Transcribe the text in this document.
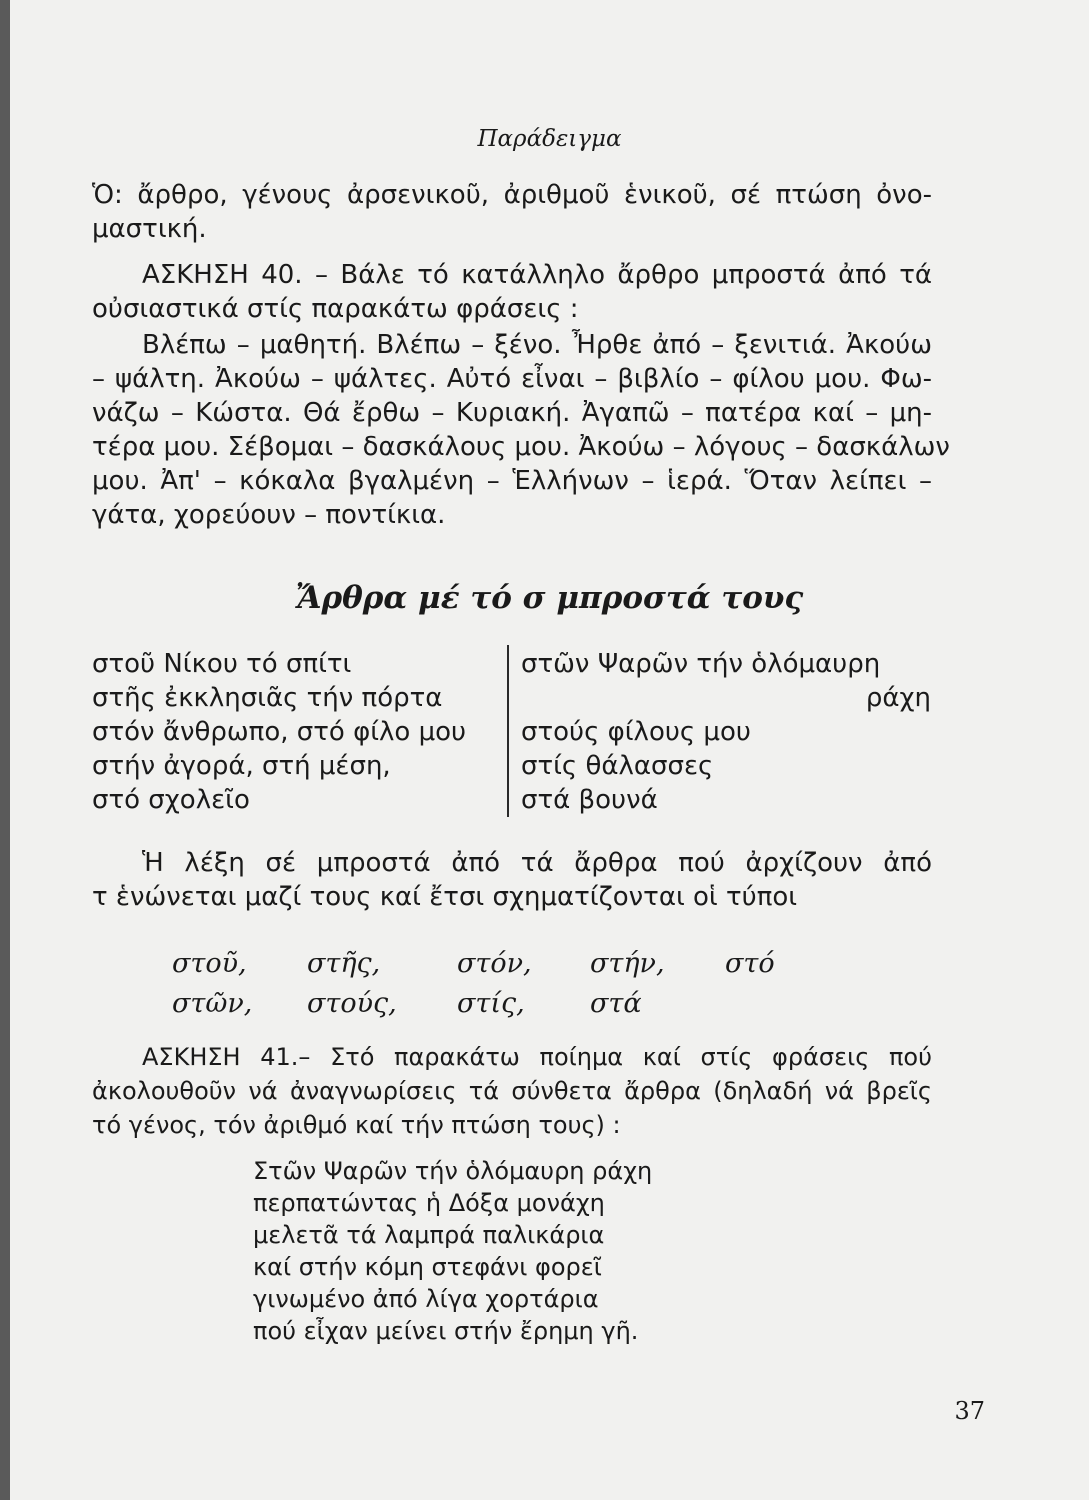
Παράδειγμα
Ὁ: ἄρθρο, γένους ἀρσενικοῦ, ἀριθμοῦ ἑνικοῦ, σέ πτώση ὀνο-
μαστική.
ΑΣΚΗΣΗ 40. – Βάλε τό κατάλληλο ἄρθρο μπροστά ἀπό τά
οὐσιαστικά στίς παρακάτω φράσεις :
Βλέπω – μαθητή. Βλέπω – ξένο. Ἦρθε ἀπό – ξενιτιά. Ἀκούω
– ψάλτη. Ἀκούω – ψάλτες. Αὐτό εἶναι – βιβλίο – φίλου μου. Φω-
νάζω – Κώστα. Θά ἔρθω – Κυριακή. Ἀγαπῶ – πατέρα καί – μη-
τέρα μου. Σέβομαι – δασκάλους μου. Ἀκούω – λόγους – δασκάλων
μου. Ἀπ' – κόκαλα βγαλμένη – Ἑλλήνων – ἱερά. Ὅταν λείπει –
γάτα, χορεύουν – ποντίκια.
Ἄρθρα μέ τό σ μπροστά τους
στοῦ Νίκου τό σπίτι
στῆς ἐκκλησιᾶς τήν πόρτα
στόν ἄνθρωπο, στό φίλο μου
στήν ἀγορά, στή μέση,
στό σχολεῖο
στῶν Ψαρῶν τήν ὁλόμαυρη
ράχη
στούς φίλους μου
στίς θάλασσες
στά βουνά
Ἡ λέξη σέ μπροστά ἀπό τά ἄρθρα πού ἀρχίζουν ἀπό
τ ἑνώνεται μαζί τους καί ἔτσι σχηματίζονται οἱ τύποι
στοῦ, στῆς,	στόν, στήν, στό
στῶν, στούς, στίς, στά
ΑΣΚΗΣΗ 41.– Στό παρακάτω ποίημα καί στίς φράσεις πού
ἀκολουθοῦν νά ἀναγνωρίσεις τά σύνθετα ἄρθρα (δηλαδή νά βρεῖς
τό γένος, τόν ἀριθμό καί τήν πτώση τους) :
Στῶν Ψαρῶν τήν ὁλόμαυρη ράχη
περπατώντας ἡ Δόξα μονάχη
μελετᾶ τά λαμπρά παλικάρια
καί στήν κόμη στεφάνι φορεῖ
γινωμένο ἀπό λίγα χορτάρια
πού εἶχαν μείνει στήν ἔρημη γῆ.
37
